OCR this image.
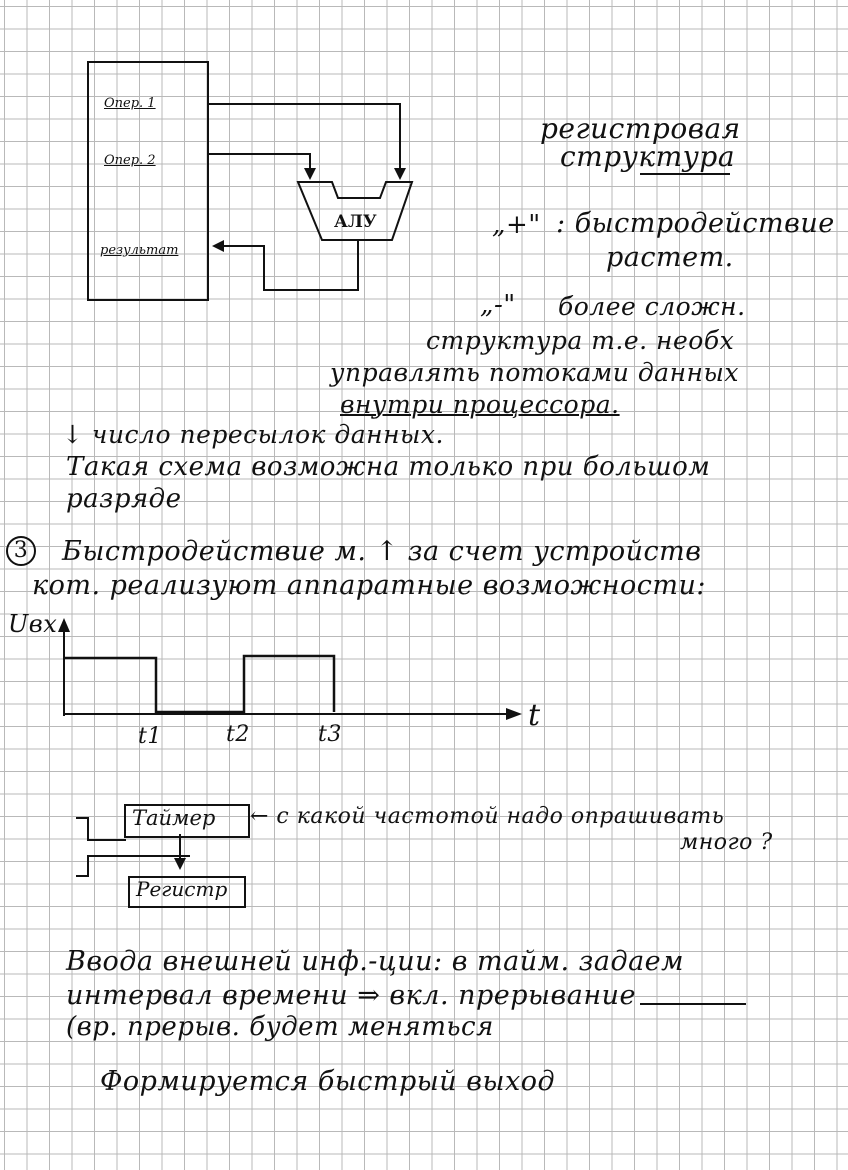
Опер. 1
Опер. 2
результат
АЛУ
регистровая
структура
„+" : быстродействие
растет.
„-" более сложн.
структура т.е. необх
управлять потоками данных
внутри процессора.
↓ число пересылок данных.
Такая схема возможна только при большом
разряде
3 Быстродействие м. ↑ за счет устройств
кот. реализуют аппаратные возможности:
Uвх
t
t1	t2	t3
Таймер ← с какой частотой надо опрашивать
много ?
Регистр
Ввода внешней инф.-ции: в тайм. задаем
интервал времени ⇒ вкл. прерывание
(вр. прерыв. будет меняться
Формируется быстрый выход
